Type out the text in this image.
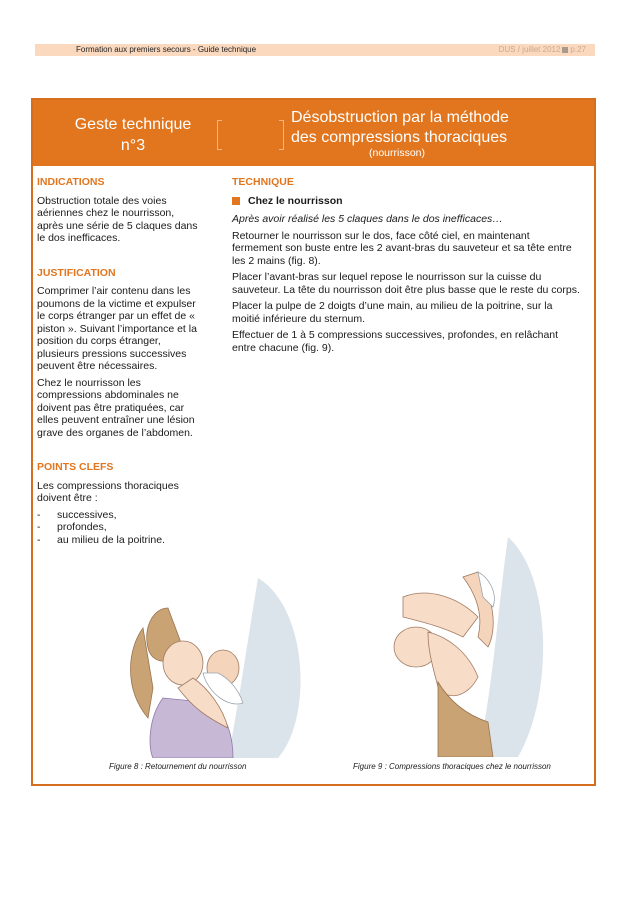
Formation aux premiers secours - Guide technique	DUS / juillet 2012 p.27
Geste technique
n°3
Désobstruction par la méthode
des compressions thoraciques
(nourrisson)
INDICATIONS
Obstruction totale des voies aériennes chez le nourrisson, après une série de 5 claques dans le dos inefficaces.
JUSTIFICATION
Comprimer l’air contenu dans les poumons de la victime et expulser le corps étranger par un effet de « piston ». Suivant l’importance et la position du corps étranger, plusieurs pressions successives peuvent être nécessaires.
Chez le nourrisson les compressions abdominales ne doivent pas être pratiquées, car elles peuvent entraîner une lésion grave des organes de l’abdomen.
POINTS CLEFS
Les compressions thoraciques doivent être :
-	successives,
-	profondes,
-	au milieu de la poitrine.
TECHNIQUE
Chez le nourrisson
Après avoir réalisé les 5 claques dans le dos inefficaces…
Retourner le nourrisson sur le dos, face côté ciel, en maintenant fermement son buste entre les 2 avant-bras du sauveteur et sa tête entre les 2 mains (fig. 8).
Placer l’avant-bras sur lequel repose le nourrisson sur la cuisse du sauveteur. La tête du nourrisson doit être plus basse que le reste du corps.
Placer la pulpe de 2 doigts d’une main, au milieu de la poitrine, sur la moitié inférieure du sternum.
Effectuer de 1 à 5 compressions successives, profondes, en relâchant entre chacune (fig. 9).
Figure 8 : Retournement du nourrisson	Figure 9 : Compressions thoraciques chez le nourrisson
